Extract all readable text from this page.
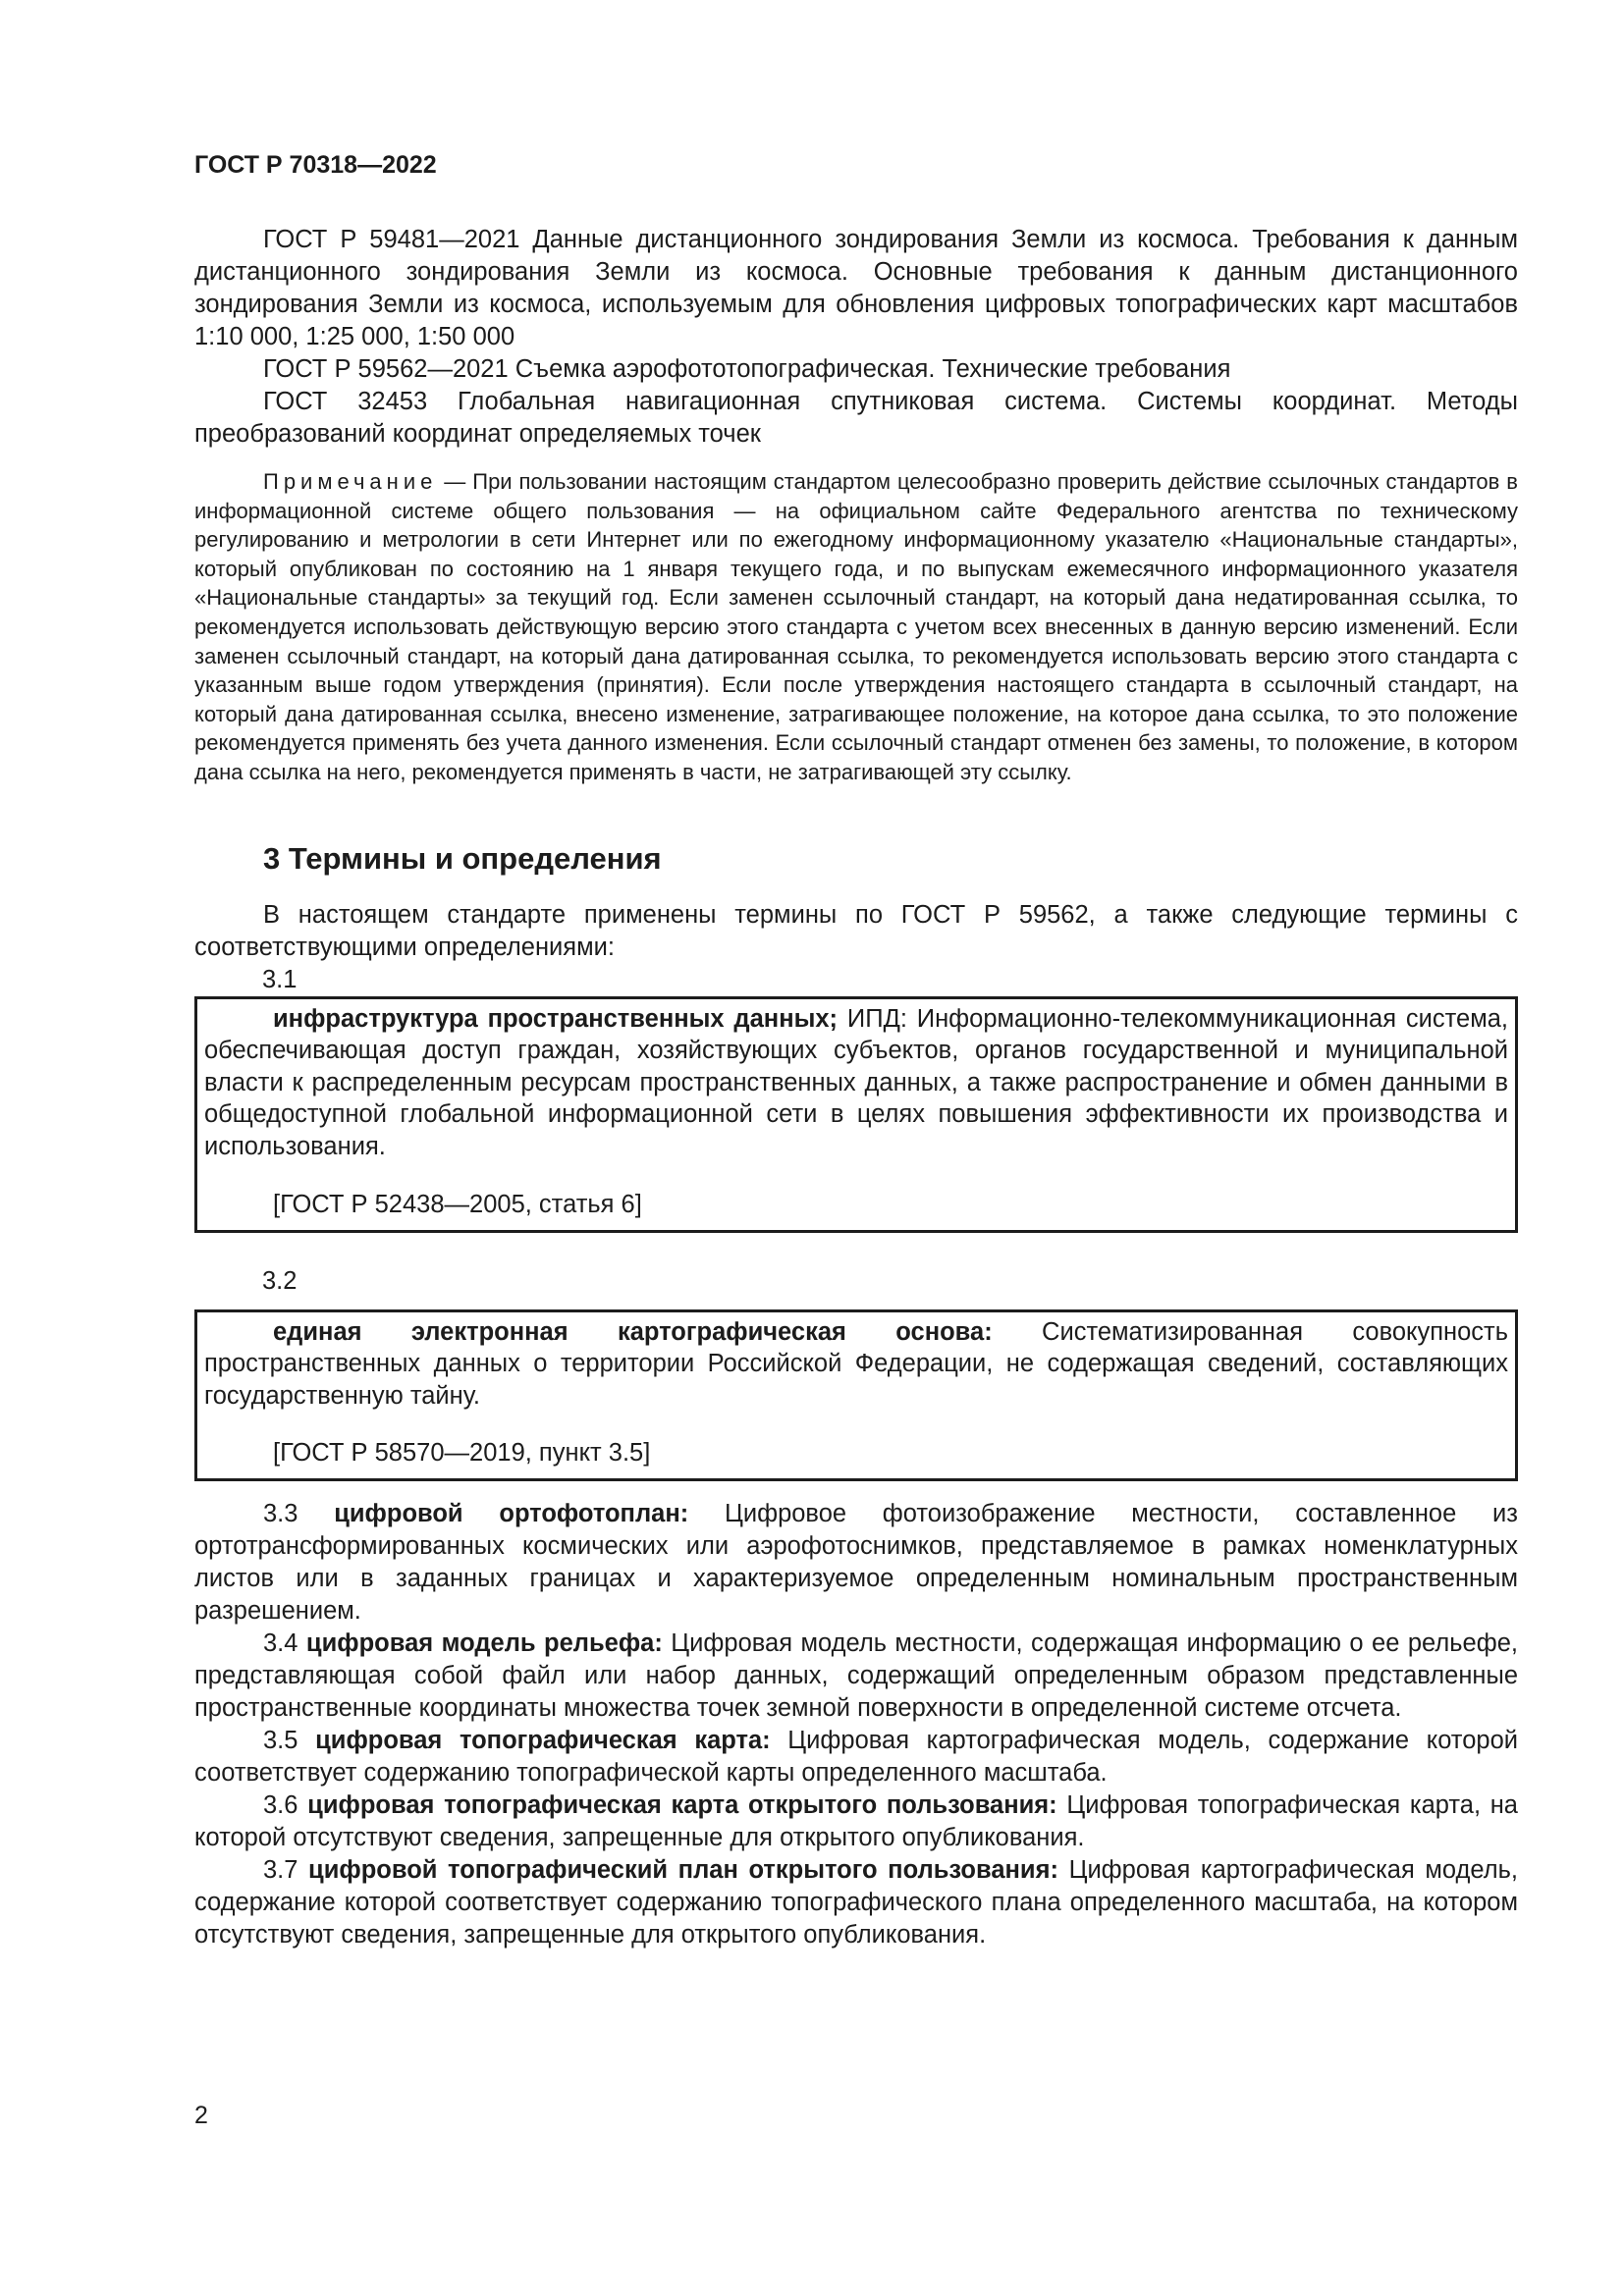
ГОСТ Р 70318—2022

ГОСТ Р 59481—2021 Данные дистанционного зондирования Земли из космоса. Требования к данным дистанционного зондирования Земли из космоса. Основные требования к данным дистанционного зондирования Земли из космоса, используемым для обновления цифровых топографических карт масштабов 1:10 000, 1:25 000, 1:50 000

ГОСТ Р 59562—2021 Съемка аэрофототопографическая. Технические требования

ГОСТ 32453 Глобальная навигационная спутниковая система. Системы координат. Методы преобразований координат определяемых точек

Примечание — При пользовании настоящим стандартом целесообразно проверить действие ссылочных стандартов в информационной системе общего пользования — на официальном сайте Федерального агентства по техническому регулированию и метрологии в сети Интернет или по ежегодному информационному указателю «Национальные стандарты», который опубликован по состоянию на 1 января текущего года, и по выпускам ежемесячного информационного указателя «Национальные стандарты» за текущий год. Если заменен ссылочный стандарт, на который дана недатированная ссылка, то рекомендуется использовать действующую версию этого стандарта с учетом всех внесенных в данную версию изменений. Если заменен ссылочный стандарт, на который дана датированная ссылка, то рекомендуется использовать версию этого стандарта с указанным выше годом утверждения (принятия). Если после утверждения настоящего стандарта в ссылочный стандарт, на который дана датированная ссылка, внесено изменение, затрагивающее положение, на которое дана ссылка, то это положение рекомендуется применять без учета данного изменения. Если ссылочный стандарт отменен без замены, то положение, в котором дана ссылка на него, рекомендуется применять в части, не затрагивающей эту ссылку.

3 Термины и определения

В настоящем стандарте применены термины по ГОСТ Р 59562, а также следующие термины с соответствующими определениями:

3.1

инфраструктура пространственных данных; ИПД: Информационно-телекоммуникационная система, обеспечивающая доступ граждан, хозяйствующих субъектов, органов государственной и муниципальной власти к распределенным ресурсам пространственных данных, а также распространение и обмен данными в общедоступной глобальной информационной сети в целях повышения эффективности их производства и использования.

[ГОСТ Р 52438—2005, статья 6]

3.2

единая электронная картографическая основа: Систематизированная совокупность пространственных данных о территории Российской Федерации, не содержащая сведений, составляющих государственную тайну.

[ГОСТ Р 58570—2019, пункт 3.5]

3.3 цифровой ортофотоплан: Цифровое фотоизображение местности, составленное из ортотрансформированных космических или аэрофотоснимков, представляемое в рамках номенклатурных листов или в заданных границах и характеризуемое определенным номинальным пространственным разрешением.

3.4 цифровая модель рельефа: Цифровая модель местности, содержащая информацию о ее рельефе, представляющая собой файл или набор данных, содержащий определенным образом представленные пространственные координаты множества точек земной поверхности в определенной системе отсчета.

3.5 цифровая топографическая карта: Цифровая картографическая модель, содержание которой соответствует содержанию топографической карты определенного масштаба.

3.6 цифровая топографическая карта открытого пользования: Цифровая топографическая карта, на которой отсутствуют сведения, запрещенные для открытого опубликования.

3.7 цифровой топографический план открытого пользования: Цифровая картографическая модель, содержание которой соответствует содержанию топографического плана определенного масштаба, на котором отсутствуют сведения, запрещенные для открытого опубликования.

2
